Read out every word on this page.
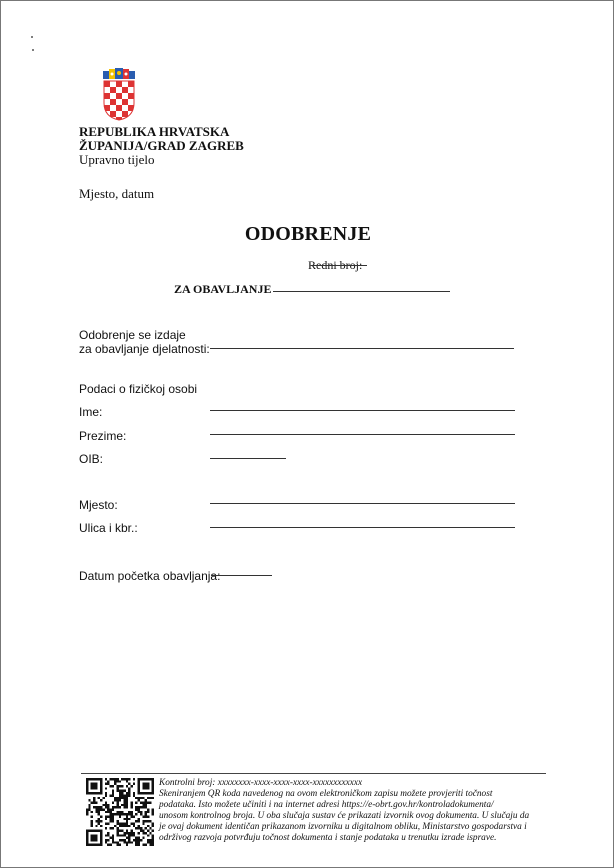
REPUBLIKA HRVATSKA
ŽUPANIJA/GRAD ZAGREB
Upravno tijelo
Mjesto, datum
ODOBRENJE
Redni broj:
ZA OBAVLJANJE
Odobrenje se izdaje
za obavljanje djelatnosti:
Podaci o fizičkoj osobi
Ime:
Prezime:
OIB:
Mjesto:
Ulica i kbr.:
Datum početka obavljanja:
Kontrolni broj: xxxxxxxx-xxxx-xxxx-xxxx-xxxxxxxxxxxx
Skeniranjem QR koda navedenog na ovom elektroničkom zapisu možete provjeriti točnost
podataka. Isto možete učiniti i na internet adresi https://e-obrt.gov.hr/kontroladokumenta/
unosom kontrolnog broja. U oba slučaja sustav će prikazati izvornik ovog dokumenta. U slučaju da
je ovaj dokument identičan prikazanom izvorniku u digitalnom obliku, Ministarstvo gospodarstva i
održivog razvoja potvrđuju točnost dokumenta i stanje podataka u trenutku izrade isprave.
